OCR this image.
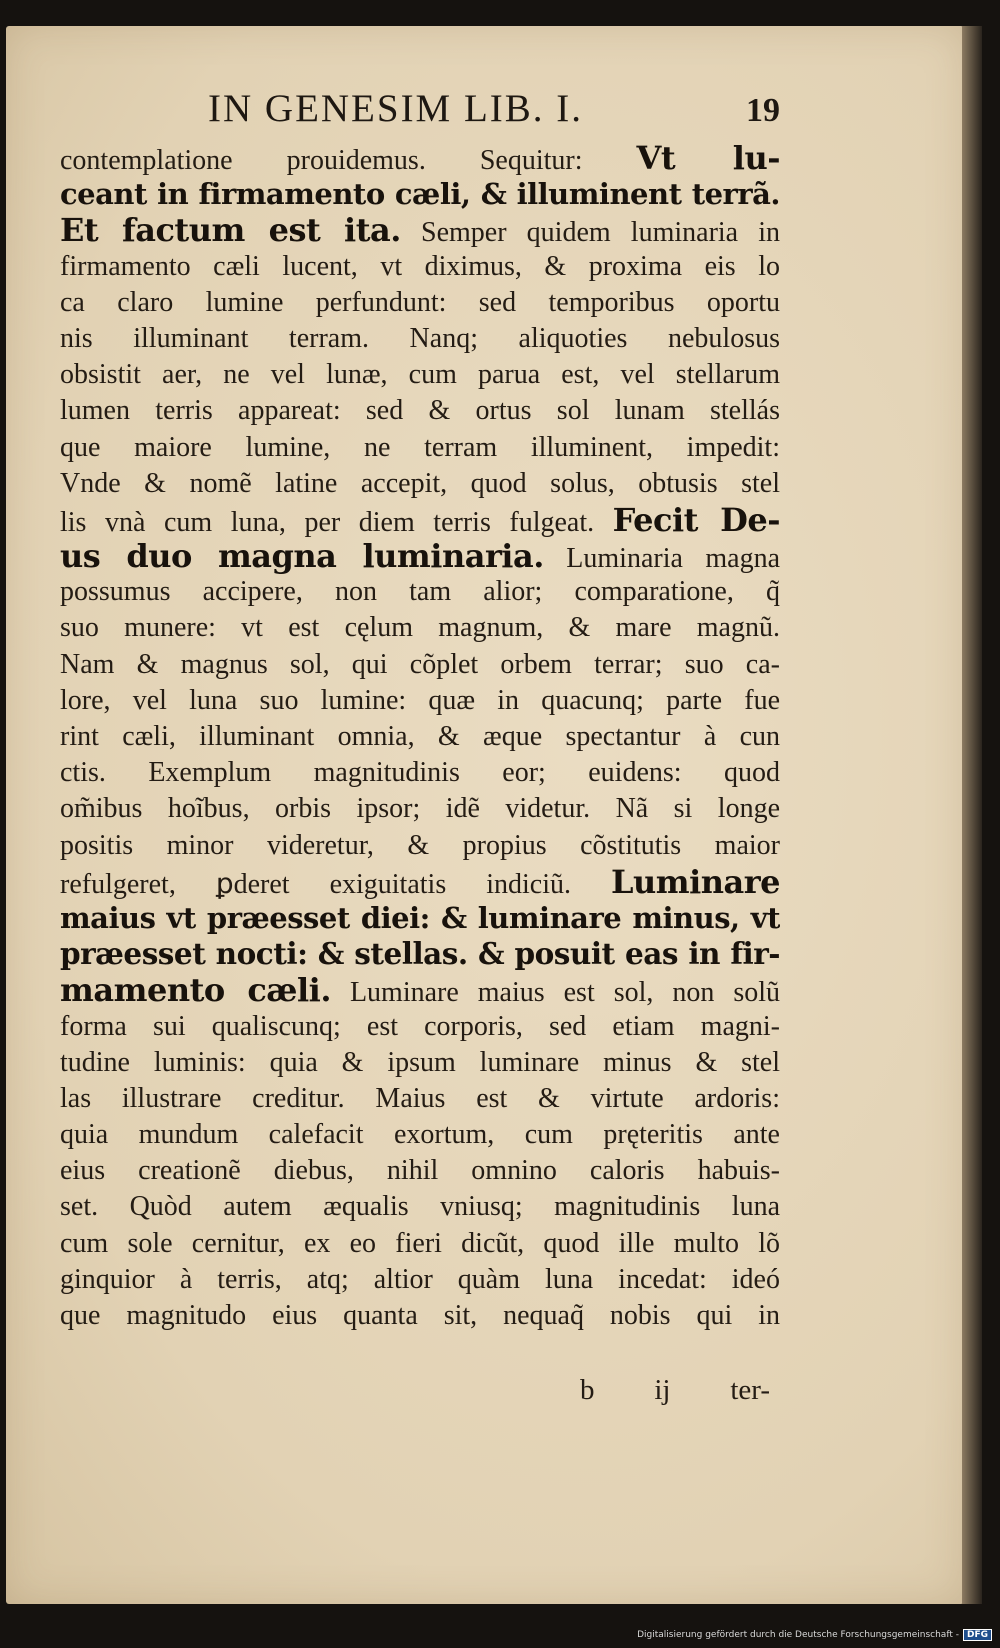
IN GENESIM LIB. I.	19
contemplatione prouidemus. Sequitur: Vt lu-
ceant in firmamento cæli, & illuminent terrã.
Et factum est ita. Semper quidem luminaria in
firmamento cæli lucent, vt diximus, & proxima eis lo
ca claro lumine perfundunt: sed temporibus oportu
nis illuminant terram. Nanq; aliquoties nebulosus
obsistit aer, ne vel lunæ, cum parua est, vel stellarum
lumen terris appareat: sed & ortus sol lunam stellás
que maiore lumine, ne terram illuminent, impedit:
Vnde & nomẽ latine accepit, quod solus, obtusis stel
lis vnà cum luna, per diem terris fulgeat. Fecit De-
us duo magna luminaria. Luminaria magna
possumus accipere, non tam alior; comparatione, q̃
suo munere: vt est cęlum magnum, & mare magnũ.
Nam & magnus sol, qui cõplet orbem terrar; suo ca-
lore, vel luna suo lumine: quæ in quacunq; parte fue
rint cæli, illuminant omnia, & æque spectantur à cun
ctis. Exemplum magnitudinis eor; euidens: quod
om̃ibus hoĩbus, orbis ipsor; idẽ videtur. Nã si longe
positis minor videretur, & propius cõstitutis maior
refulgeret, ꝑderet exiguitatis indiciũ. Luminare
maius vt præesset diei: & luminare minus, vt
præesset nocti: & stellas. & posuit eas in fir-
mamento cæli. Luminare maius est sol, non solũ
forma sui qualiscunq; est corporis, sed etiam magni-
tudine luminis: quia & ipsum luminare minus & stel
las illustrare creditur. Maius est & virtute ardoris:
quia mundum calefacit exortum, cum pręteritis ante
eius creationẽ diebus, nihil omnino caloris habuis-
set. Quòd autem æqualis vniusq; magnitudinis luna
cum sole cernitur, ex eo fieri dicũt, quod ille multo lõ
ginquior à terris, atq; altior quàm luna incedat: ideó
que magnitudo eius quanta sit, nequaq̃ nobis qui in
b ij ter-
Digitalisierung gefördert durch die Deutsche Forschungsgemeinschaft - DFG
